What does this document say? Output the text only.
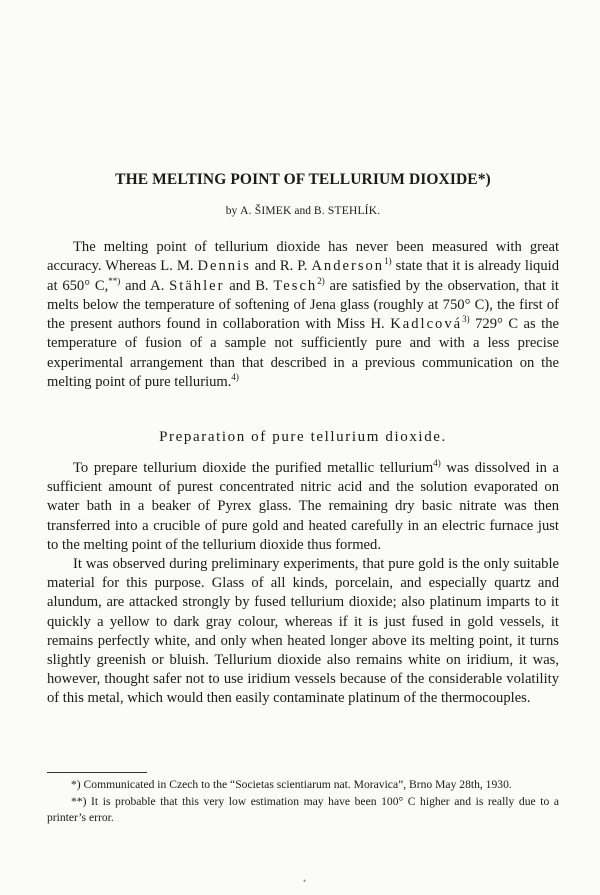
THE MELTING POINT OF TELLURIUM DIOXIDE*)
by A. ŠIMEK and B. STEHLÍK.

The melting point of tellurium dioxide has never been measured with great accuracy. Whereas L. M. Dennis and R. P. Anderson$^{1)}$ state that it is already liquid at 650° C,**) and A. Stähler and B. Tesch$^{2)}$ are satisfied by the observation, that it melts below the temperature of softening of Jena glass (roughly at 750° C), the first of the present authors found in collaboration with Miss H. Kadlcová$^{3)}$ 729° C as the temperature of fusion of a sample not sufficiently pure and with a less precise experimental arrangement than that described in a previous communication on the melting point of pure tellurium.$^{4)}$

Preparation of pure tellurium dioxide.

To prepare tellurium dioxide the purified metallic tellurium$^{4)}$ was dissolved in a sufficient amount of purest concentrated nitric acid and the solution evaporated on water bath in a beaker of Pyrex glass. The remaining dry basic nitrate was then transferred into a crucible of pure gold and heated carefully in an electric furnace just to the melting point of the tellurium dioxide thus formed.

It was observed during preliminary experiments, that pure gold is the only suitable material for this purpose. Glass of all kinds, porcelain, and especially quartz and alundum, are attacked strongly by fused tellurium dioxide; also platinum imparts to it quickly a yellow to dark gray colour, whereas if it is just fused in gold vessels, it remains perfectly white, and only when heated longer above its melting point, it turns slightly greenish or bluish. Tellurium dioxide also remains white on iridium, it was, however, thought safer not to use iridium vessels because of the considerable volatility of this metal, which would then easily contaminate platinum of the thermocouples.

*) Communicated in Czech to the “Societas scientiarum nat. Moravica”, Brno May 28th, 1930.

**) It is probable that this very low estimation may have been 100° C higher and is really due to a printer’s error.

•
